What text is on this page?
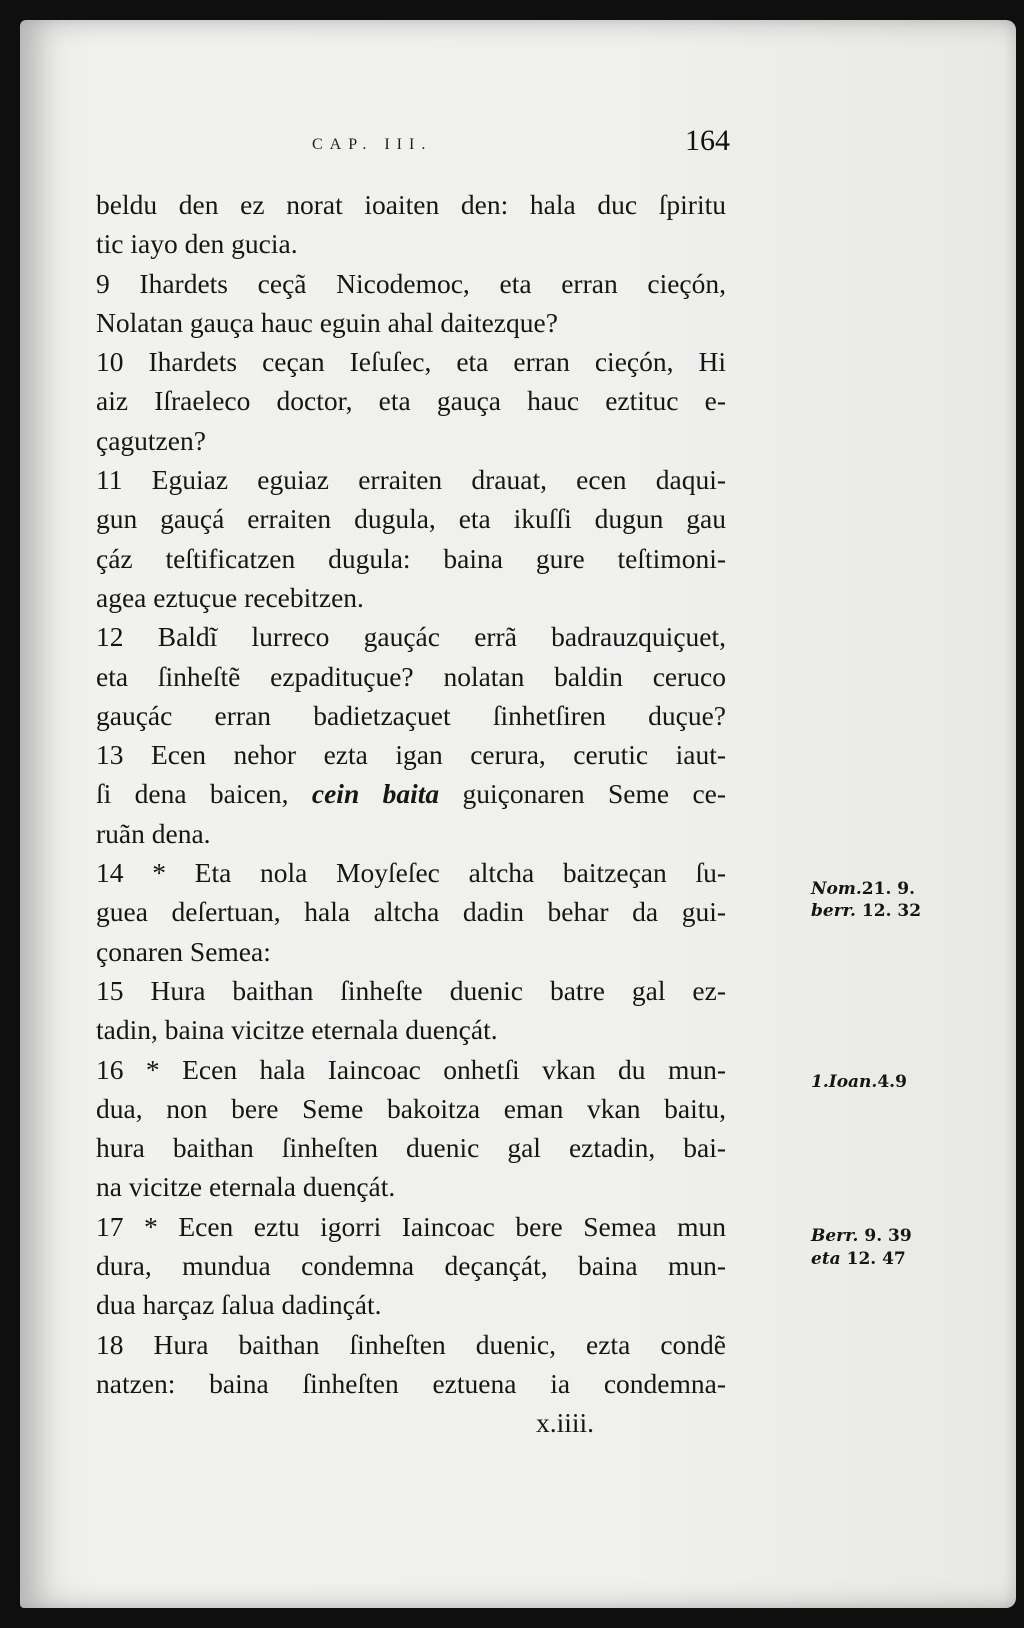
CAP. III.	164
beldu den ez norat ioaiten den: hala duc ſpiritu
tic iayo den gucia.
9 Ihardets ceçã Nicodemoc, eta erran cieçón,
Nolatan gauça hauc eguin ahal daitezque?
10 Ihardets ceçan Ieſuſec, eta erran cieçón, Hi
aiz Iſraeleco doctor, eta gauça hauc eztituc e-
çagutzen?
11 Eguiaz eguiaz erraiten drauat, ecen daqui-
gun gauçá erraiten dugula, eta ikuſſi dugun gau
çáz teſtificatzen dugula: baina gure teſtimoni-
agea eztuçue recebitzen.
12 Baldĩ lurreco gauçác errã badrauzquiçuet,
eta ſinheſtẽ ezpadituçue? nolatan baldin ceruco
gauçác erran badietzaçuet ſinhetſiren duçue?
13 Ecen nehor ezta igan cerura, cerutic iaut-
ſi dena baicen, cein baita guiçonaren Seme ce-
ruãn dena.
14 * Eta nola Moyſeſec altcha baitzeçan ſu-
guea deſertuan, hala altcha dadin behar da gui-
çonaren Semea:
15 Hura baithan ſinheſte duenic batre gal ez-
tadin, baina vicitze eternala duençát.
16 * Ecen hala Iaincoac onhetſi vkan du mun-
dua, non bere Seme bakoitza eman vkan baitu,
hura baithan ſinheſten duenic gal eztadin, bai-
na vicitze eternala duençát.
17 * Ecen eztu igorri Iaincoac bere Semea mun
dura, mundua condemna deçançát, baina mun-
dua harçaz ſalua dadinçát.
18 Hura baithan ſinheſten duenic, ezta condẽ
natzen: baina ſinheſten eztuena ia condemna-
x.iiii.
Nom.21. 9.
berr. 12. 32
1.Ioan.4.9
Berr. 9. 39
eta 12. 47
